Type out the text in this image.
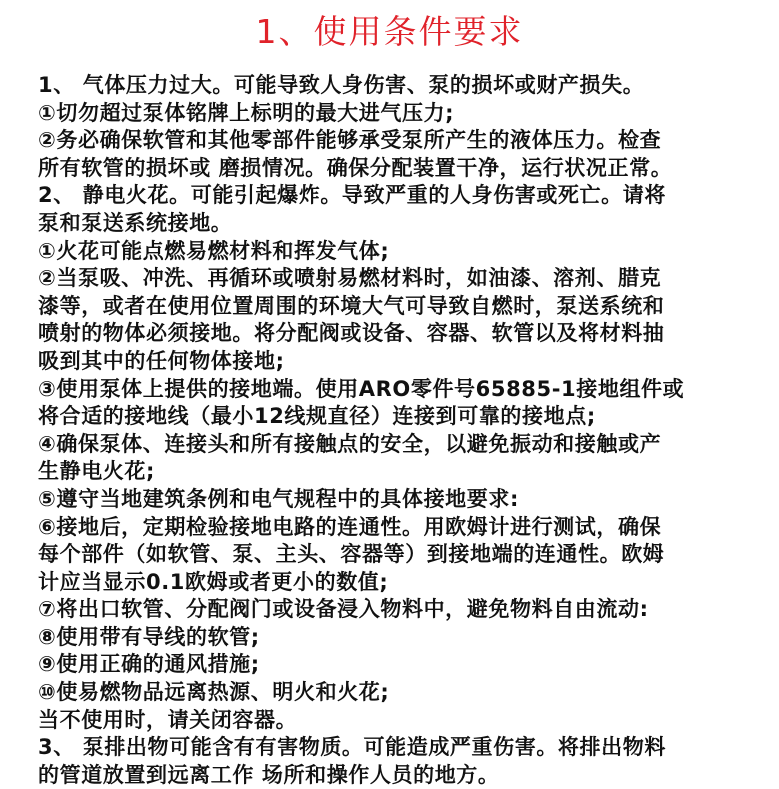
1、使用条件要求
1、 气体压力过大。可能导致人身伤害、泵的损坏或财产损失。
①切勿超过泵体铭牌上标明的最大进气压力;
②务必确保软管和其他零部件能够承受泵所产生的液体压力。检查
所有软管的损坏或 磨损情况。确保分配装置干净，运行状况正常。
2、 静电火花。可能引起爆炸。导致严重的人身伤害或死亡。请将
泵和泵送系统接地。
①火花可能点燃易燃材料和挥发气体;
②当泵吸、冲洗、再循环或喷射易燃材料时，如油漆、溶剂、腊克
漆等，或者在使用位置周围的环境大气可导致自燃时，泵送系统和
喷射的物体必须接地。将分配阀或设备、容器、软管以及将材料抽
吸到其中的任何物体接地;
③使用泵体上提供的接地端。使用ARO零件号65885-1接地组件或
将合适的接地线（最小12线规直径）连接到可靠的接地点;
④确保泵体、连接头和所有接触点的安全，以避免振动和接触或产
生静电火花;
⑤遵守当地建筑条例和电气规程中的具体接地要求:
⑥接地后，定期检验接地电路的连通性。用欧姆计进行测试，确保
每个部件（如软管、泵、主头、容器等）到接地端的连通性。欧姆
计应当显示0.1欧姆或者更小的数值;
⑦将出口软管、分配阀门或设备浸入物料中，避免物料自由流动:
⑧使用带有导线的软管;
⑨使用正确的通风措施;
⑩使易燃物品远离热源、明火和火花;
当不使用时，请关闭容器。
3、 泵排出物可能含有有害物质。可能造成严重伤害。将排出物料
的管道放置到远离工作 场所和操作人员的地方。
